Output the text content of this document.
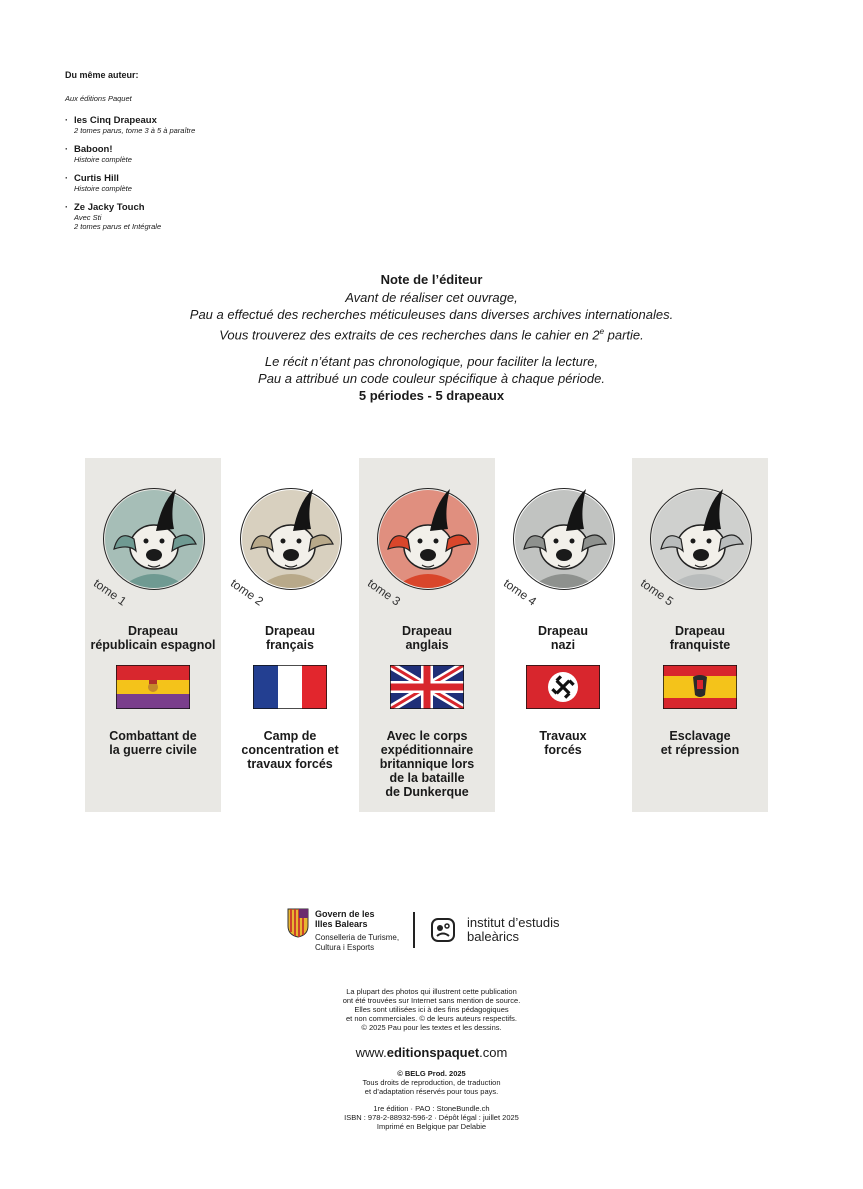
Du même auteur:
Aux éditions Paquet
· les Cinq Drapeaux
2 tomes parus, tome 3 à 5 à paraître
· Baboon!
Histoire complète
· Curtis Hill
Histoire complète
· Ze Jacky Touch
Avec Sti
2 tomes parus et Intégrale
Note de l’éditeur
Avant de réaliser cet ouvrage,
Pau a effectué des recherches méticuleuses dans diverses archives internationales.
Vous trouverez des extraits de ces recherches dans le cahier en 2e partie.
Le récit n’étant pas chronologique, pour faciliter la lecture,
Pau a attribué un code couleur spécifique à chaque période.
5 périodes - 5 drapeaux
tome 1
Drapeau
républicain espagnol
Combattant de
la guerre civile
tome 2
Drapeau
français
Camp de
concentration et
travaux forcés
tome 3
Drapeau
anglais
Avec le corps
expéditionnaire
britannique lors
de la bataille
de Dunkerque
tome 4
Drapeau
nazi
Travaux
forcés
tome 5
Drapeau
franquiste
Esclavage
et répression
Govern de les
Illes Balears
Conselleria de Turisme,
Cultura i Esports
institut d’estudis
baleàrics
La plupart des photos qui illustrent cette publication
ont été trouvées sur Internet sans mention de source.
Elles sont utilisées ici à des fins pédagogiques
et non commerciales. © de leurs auteurs respectifs.
© 2025 Pau pour les textes et les dessins.
www.editionspaquet.com
© BELG Prod. 2025
Tous droits de reproduction, de traduction
et d’adaptation réservés pour tous pays.
1re édition · PAO : StoneBundle.ch
ISBN : 978-2-88932-596-2 · Dépôt légal : juillet 2025
Imprimé en Belgique par Delabie
